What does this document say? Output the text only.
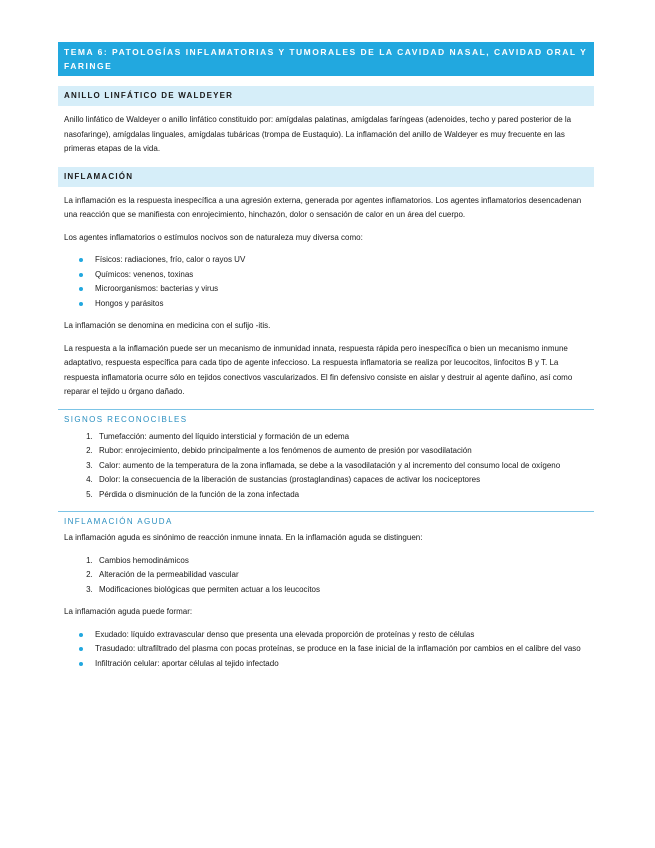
TEMA 6: PATOLOGÍAS INFLAMATORIAS Y TUMORALES DE LA CAVIDAD NASAL, CAVIDAD ORAL Y FARINGE
ANILLO LINFÁTICO DE WALDEYER

Anillo linfático de Waldeyer o anillo linfático constituido por: amígdalas palatinas, amígdalas faríngeas (adenoides, techo y pared posterior de la nasofaringe), amígdalas linguales, amígdalas tubáricas (trompa de Eustaquio). La inflamación del anillo de Waldeyer es muy frecuente en las primeras etapas de la vida.

INFLAMACIÓN

La inflamación es la respuesta inespecífica a una agresión externa, generada por agentes inflamatorios. Los agentes inflamatorios desencadenan una reacción que se manifiesta con enrojecimiento, hinchazón, dolor o sensación de calor en un área del cuerpo.

Los agentes inflamatorios o estímulos nocivos son de naturaleza muy diversa como:

Físicos: radiaciones, frío, calor o rayos UV
Químicos: venenos, toxinas
Microorganismos: bacterias y virus
Hongos y parásitos

La inflamación se denomina en medicina con el sufijo -itis.

La respuesta a la inflamación puede ser un mecanismo de inmunidad innata, respuesta rápida pero inespecífica o bien un mecanismo inmune adaptativo, respuesta específica para cada tipo de agente infeccioso. La respuesta inflamatoria se realiza por leucocitos, linfocitos B y T. La respuesta inflamatoria ocurre sólo en tejidos conectivos vascularizados. El fin defensivo consiste en aislar y destruir al agente dañino, así como reparar el tejido u órgano dañado.

SIGNOS RECONOCIBLES
1. Tumefacción: aumento del líquido intersticial y formación de un edema
2. Rubor: enrojecimiento, debido principalmente a los fenómenos de aumento de presión por vasodilatación
3. Calor: aumento de la temperatura de la zona inflamada, se debe a la vasodilatación y al incremento del consumo local de oxígeno
4. Dolor: la consecuencia de la liberación de sustancias (prostaglandinas) capaces de activar los nociceptores
5. Pérdida o disminución de la función de la zona infectada
INFLAMACIÓN AGUDA

La inflamación aguda es sinónimo de reacción inmune innata. En la inflamación aguda se distinguen:

1. Cambios hemodinámicos
2. Alteración de la permeabilidad vascular
3. Modificaciones biológicas que permiten actuar a los leucocitos

La inflamación aguda puede formar:

Exudado: líquido extravascular denso que presenta una elevada proporción de proteínas y resto de células
Trasudado: ultrafiltrado del plasma con pocas proteínas, se produce en la fase inicial de la inflamación por cambios en el calibre del vaso
Infiltración celular: aportar células al tejido infectado
